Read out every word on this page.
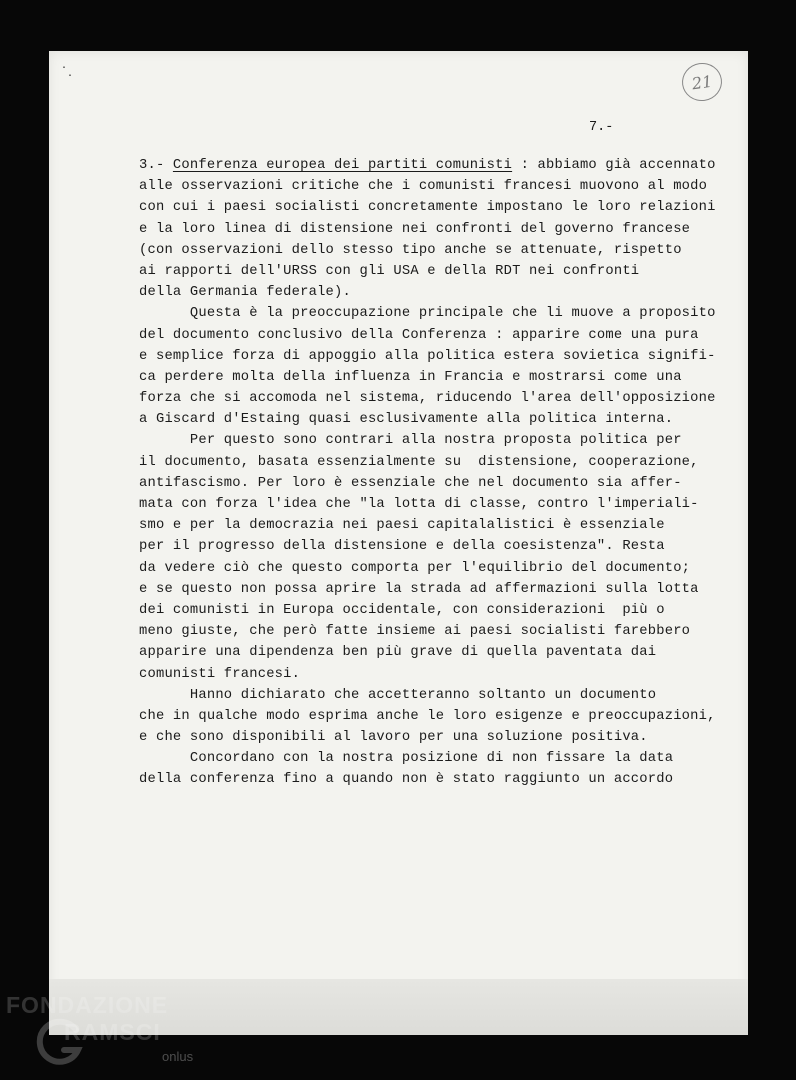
·
·	21
7.-
3.- Conferenza europea dei partiti comunisti : abbiamo già accennato
alle osservazioni critiche che i comunisti francesi muovono al modo
con cui i paesi socialisti concretamente impostano le loro relazioni
e la loro linea di distensione nei confronti del governo francese
(con osservazioni dello stesso tipo anche se attenuate, rispetto
ai rapporti dell'URSS con gli USA e della RDT nei confronti
della Germania federale).
Questa è la preoccupazione principale che li muove a proposito
del documento conclusivo della Conferenza : apparire come una pura
e semplice forza di appoggio alla politica estera sovietica signifi-
ca perdere molta della influenza in Francia e mostrarsi come una
forza che si accomoda nel sistema, riducendo l'area dell'opposizione
a Giscard d'Estaing quasi esclusivamente alla politica interna.
Per questo sono contrari alla nostra proposta politica per
il documento, basata essenzialmente su  distensione, cooperazione,
antifascismo. Per loro è essenziale che nel documento sia affer-
mata con forza l'idea che "la lotta di classe, contro l'imperiali-
smo e per la democrazia nei paesi capitalalistici è essenziale
per il progresso della distensione e della coesistenza". Resta
da vedere ciò che questo comporta per l'equilibrio del documento;
e se questo non possa aprire la strada ad affermazioni sulla lotta
dei comunisti in Europa occidentale, con considerazioni  più o
meno giuste, che però fatte insieme ai paesi socialisti farebbero
apparire una dipendenza ben più grave di quella paventata dai
comunisti francesi.
Hanno dichiarato che accetteranno soltanto un documento
che in qualche modo esprima anche le loro esigenze e preoccupazioni,
e che sono disponibili al lavoro per una soluzione positiva.
Concordano con la nostra posizione di non fissare la data
della conferenza fino a quando non è stato raggiunto un accordo
FONDAZIONE
RAMSCI
onlus
